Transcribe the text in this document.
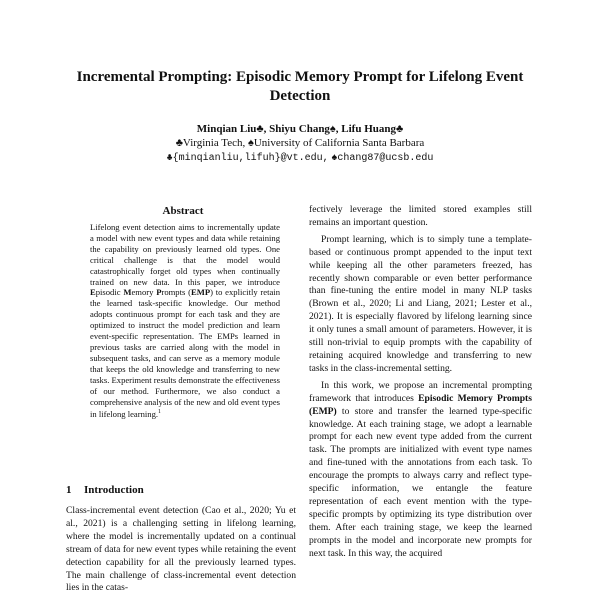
Incremental Prompting: Episodic Memory Prompt for Lifelong Event Detection
Minqian Liu♣, Shiyu Chang♠, Lifu Huang♣
♣Virginia Tech, ♠University of California Santa Barbara
♣{minqianliu,lifuh}@vt.edu, ♠chang87@ucsb.edu
Abstract

Lifelong event detection aims to incrementally update a model with new event types and data while retaining the capability on previously learned old types. One critical challenge is that the model would catastrophically forget old types when continually trained on new data. In this paper, we introduce Episodic Memory Prompts (EMP) to explicitly retain the learned task-specific knowledge. Our method adopts continuous prompt for each task and they are optimized to instruct the model prediction and learn event-specific representation. The EMPs learned in previous tasks are carried along with the model in subsequent tasks, and can serve as a memory module that keeps the old knowledge and transferring to new tasks. Experiment results demonstrate the effectiveness of our method. Furthermore, we also conduct a comprehensive analysis of the new and old event types in lifelong learning.$^1$

1 Introduction

Class-incremental event detection (Cao et al., 2020; Yu et al., 2021) is a challenging setting in lifelong learning, where the model is incrementally updated on a continual stream of data for new event types while retaining the event detection capability for all the previously learned types. The main challenge of class-incremental event detection lies in the catas-

fectively leverage the limited stored examples still remains an important question.

Prompt learning, which is to simply tune a template-based or continuous prompt appended to the input text while keeping all the other parameters freezed, has recently shown comparable or even better performance than fine-tuning the entire model in many NLP tasks (Brown et al., 2020; Li and Liang, 2021; Lester et al., 2021). It is especially flavored by lifelong learning since it only tunes a small amount of parameters. However, it is still non-trivial to equip prompts with the capability of retaining acquired knowledge and transferring to new tasks in the class-incremental setting.

In this work, we propose an incremental prompting framework that introduces Episodic Memory Prompts (EMP) to store and transfer the learned type-specific knowledge. At each training stage, we adopt a learnable prompt for each new event type added from the current task. The prompts are initialized with event type names and fine-tuned with the annotations from each task. To encourage the prompts to always carry and reflect type-specific information, we entangle the feature representation of each event mention with the type-specific prompts by optimizing its type distribution over them. After each training stage, we keep the learned prompts in the model and incorporate new prompts for next task. In this way, the acquired
